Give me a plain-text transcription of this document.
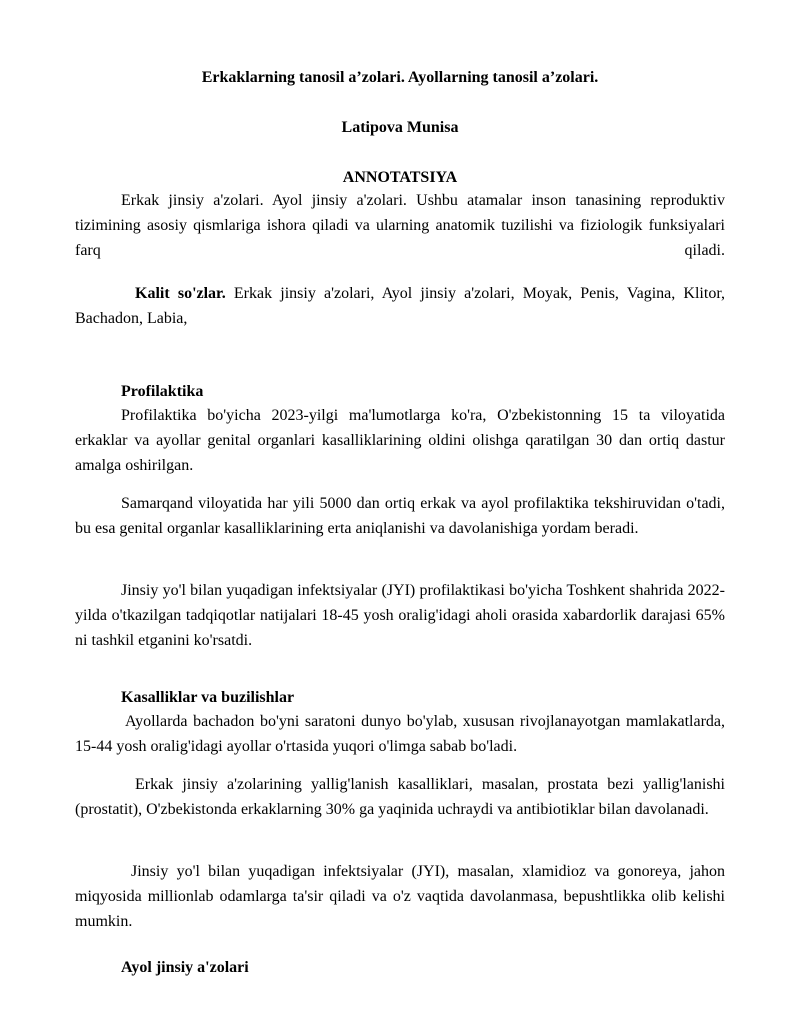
Erkaklarning tanosil a’zolari. Ayollarning tanosil a’zolari.
Latipova Munisa
ANNOTATSIYA
Erkak jinsiy a'zolari. Ayol jinsiy a'zolari. Ushbu atamalar inson tanasining reproduktiv tizimining asosiy qismlariga ishora qiladi va ularning anatomik tuzilishi va fiziologik funksiyalari farq qiladi.
Kalit so'zlar. Erkak jinsiy a'zolari, Ayol jinsiy a'zolari, Moyak, Penis, Vagina, Klitor, Bachadon, Labia,
Profilaktika
Profilaktika bo'yicha 2023-yilgi ma'lumotlarga ko'ra, O'zbekistonning 15 ta viloyatida erkaklar va ayollar genital organlari kasalliklarining oldini olishga qaratilgan 30 dan ortiq dastur amalga oshirilgan.
Samarqand viloyatida har yili 5000 dan ortiq erkak va ayol profilaktika tekshiruvidan o'tadi, bu esa genital organlar kasalliklarining erta aniqlanishi va davolanishiga yordam beradi.
Jinsiy yo'l bilan yuqadigan infektsiyalar (JYI) profilaktikasi bo'yicha Toshkent shahrida 2022-yilda o'tkazilgan tadqiqotlar natijalari 18-45 yosh oralig'idagi aholi orasida xabardorlik darajasi 65% ni tashkil etganini ko'rsatdi.
Kasalliklar va buzilishlar
Ayollarda bachadon bo'yni saratoni dunyo bo'ylab, xususan rivojlanayotgan mamlakatlarda, 15-44 yosh oralig'idagi ayollar o'rtasida yuqori o'limga sabab bo'ladi.
Erkak jinsiy a'zolarining yallig'lanish kasalliklari, masalan, prostata bezi yallig'lanishi (prostatit), O'zbekistonda erkaklarning 30% ga yaqinida uchraydi va antibiotiklar bilan davolanadi.
Jinsiy yo'l bilan yuqadigan infektsiyalar (JYI), masalan, xlamidioz va gonoreya, jahon miqyosida millionlab odamlarga ta'sir qiladi va o'z vaqtida davolanmasa, bepushtlikka olib kelishi mumkin.
Ayol jinsiy a'zolari
